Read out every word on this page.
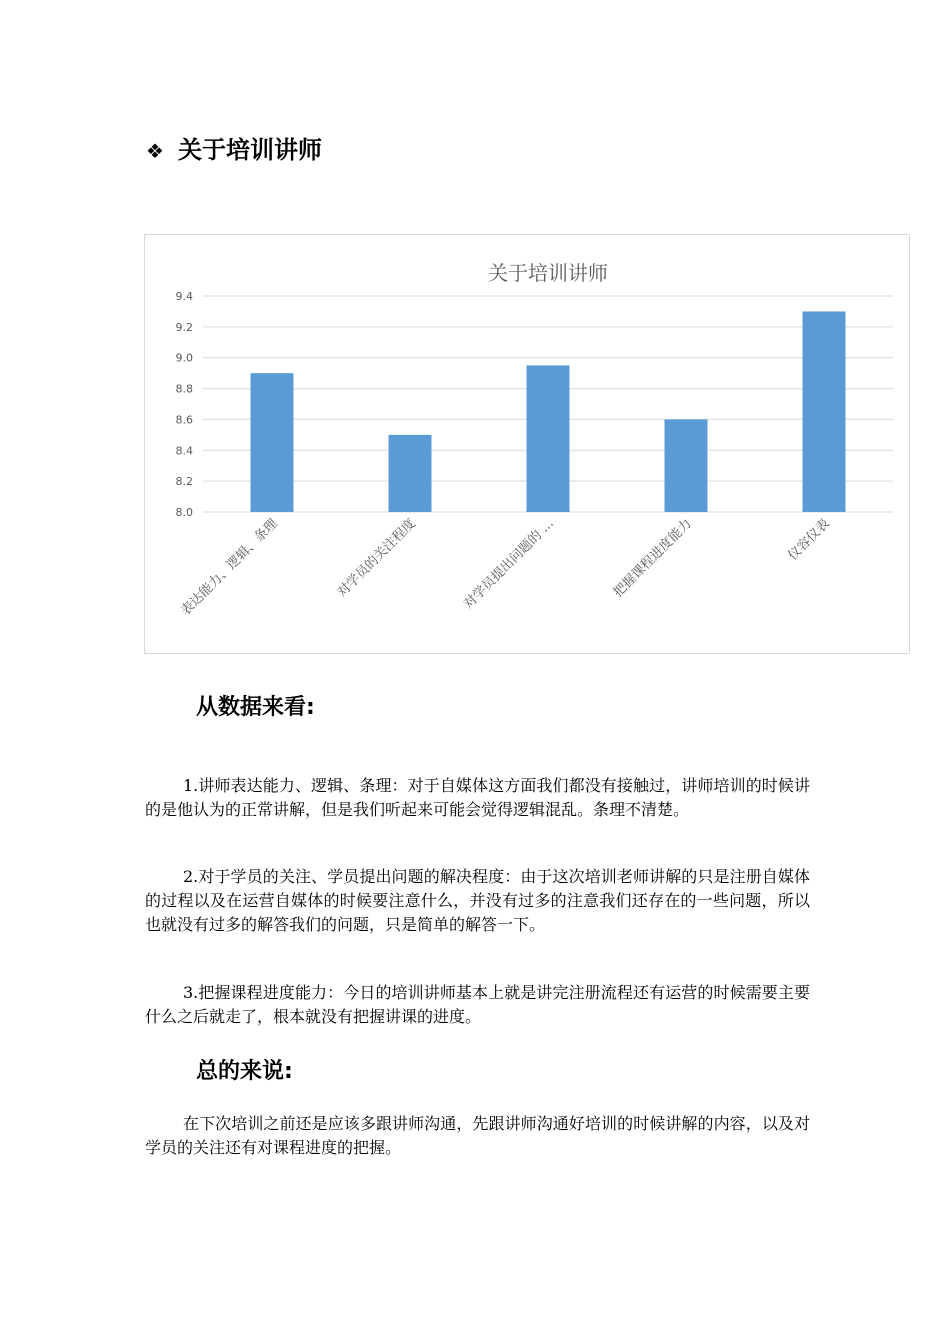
❖ 关于培训讲师
关于培训讲师
8.0
8.2
8.4
8.6
8.8
9.0
9.2
9.4
表达能力、逻辑、条理	对学员的关注程度	对学员提出问题的 ...	把握课程进度能力	仪容仪表
从数据来看:
1.讲师表达能力、逻辑、条理：对于自媒体这方面我们都没有接触过，讲师培训的时候讲的是他认为的正常讲解，但是我们听起来可能会觉得逻辑混乱。条理不清楚。
2.对于学员的关注、学员提出问题的解决程度：由于这次培训老师讲解的只是注册自媒体的过程以及在运营自媒体的时候要注意什么，并没有过多的注意我们还存在的一些问题，所以也就没有过多的解答我们的问题，只是简单的解答一下。
3.把握课程进度能力：今日的培训讲师基本上就是讲完注册流程还有运营的时候需要主要什么之后就走了，根本就没有把握讲课的进度。
总的来说:
在下次培训之前还是应该多跟讲师沟通，先跟讲师沟通好培训的时候讲解的内容，以及对学员的关注还有对课程进度的把握。
